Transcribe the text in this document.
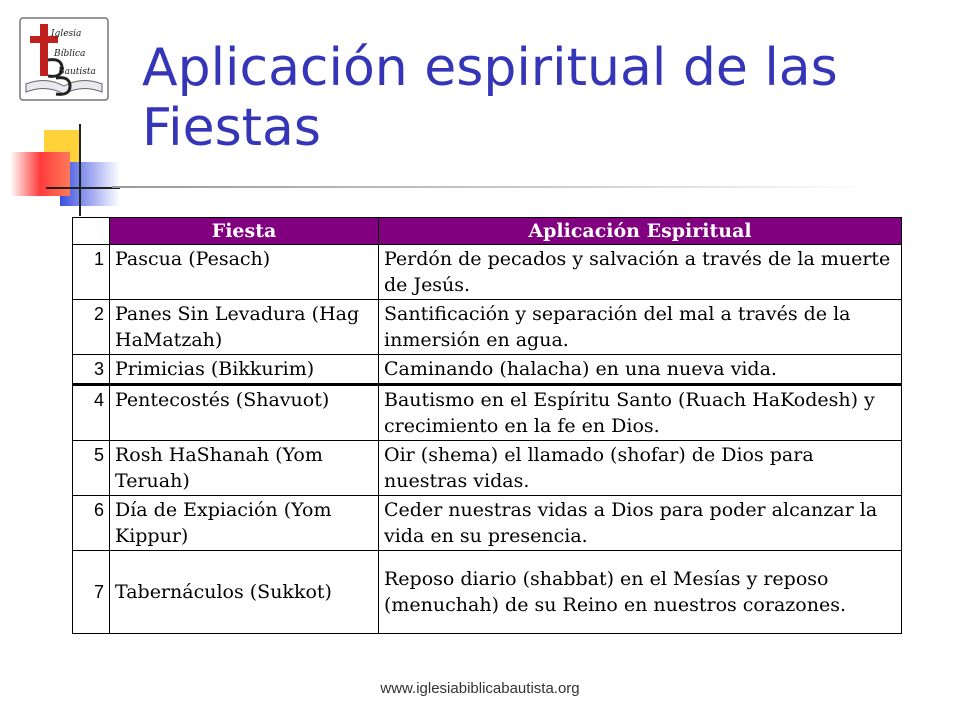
Iglesia
Bíblica
Bautista Aplicación espiritual de las Fiestas
	Fiesta	Aplicación Espiritual
1	Pascua (Pesach)	Perdón de pecados y salvación a través de la muerte de Jesús.
2	Panes Sin Levadura (Hag HaMatzah)	Santificación y separación del mal a través de la inmersión en agua.
3	Primicias (Bikkurim)	Caminando (halacha) en una nueva vida.
4	Pentecostés (Shavuot)	Bautismo en el Espíritu Santo (Ruach HaKodesh) y crecimiento en la fe en Dios.
5	Rosh HaShanah (Yom Teruah)	Oir (shema) el llamado (shofar) de Dios para nuestras vidas.
6	Día de Expiación (Yom Kippur)	Ceder nuestras vidas a Dios para poder alcanzar la vida en su presencia.
7	Tabernáculos (Sukkot)	Reposo diario (shabbat) en el Mesías y reposo (menuchah) de su Reino en nuestros corazones.
www.iglesiabiblicabautista.org
